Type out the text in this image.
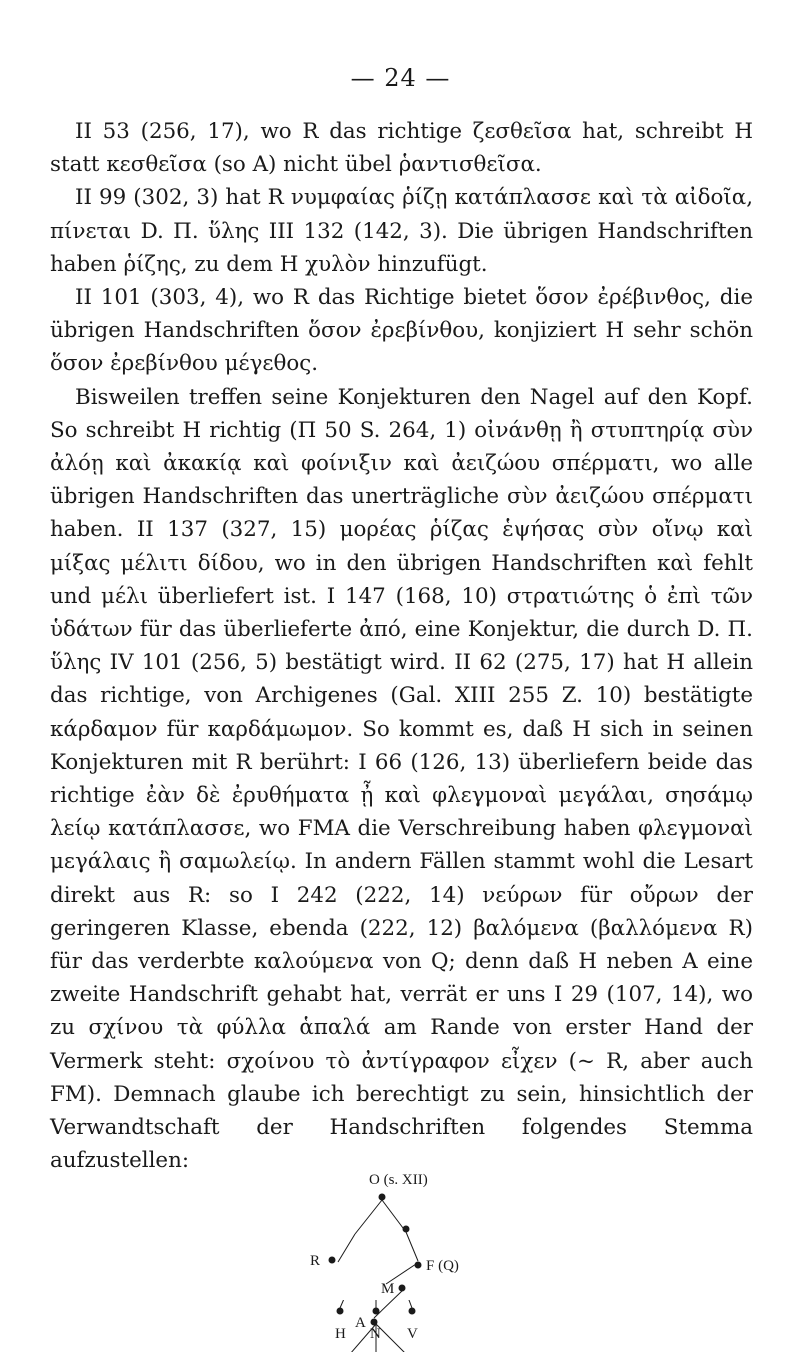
— 24 —

II 53 (256, 17), wo R das richtige ζεσθεῖσα hat, schreibt H statt κεσθεῖσα (so A) nicht übel ῥαντισθεῖσα.

II 99 (302, 3) hat R νυμφαίας ῥίζῃ κατάπλασσε καὶ τὰ αἰδοῖα, πίνεται D. Π. ὕλης III 132 (142, 3). Die übrigen Handschriften haben ῥίζης, zu dem H χυλὸν hinzufügt.

II 101 (303, 4), wo R das Richtige bietet ὅσον ἐρέβινθος, die übrigen Handschriften ὅσον ἐρεβίνθου, konjiziert H sehr schön ὅσον ἐρεβίνθου μέγεθος.

Bisweilen treffen seine Konjekturen den Nagel auf den Kopf. So schreibt H richtig (Π 50 S. 264, 1) οἰνάνθῃ ἢ στυπτηρίᾳ σὺν ἀλόῃ καὶ ἀκακίᾳ καὶ φοίνιξιν καὶ ἀειζώου σπέρματι, wo alle übrigen Handschriften das unerträgliche σὺν ἀειζώου σπέρματι haben. II 137 (327, 15) μορέας ῥίζας ἑψήσας σὺν οἴνῳ καὶ μίξας μέλιτι δίδου, wo in den übrigen Handschriften καὶ fehlt und μέλι überliefert ist. I 147 (168, 10) στρατιώτης ὁ ἐπὶ τῶν ὑδάτων für das überlieferte ἀπό, eine Konjektur, die durch D. Π. ὕλης IV 101 (256, 5) bestätigt wird. II 62 (275, 17) hat H allein das richtige, von Archigenes (Gal. XIII 255 Z. 10) bestätigte κάρδαμον für καρδάμωμον. So kommt es, daß H sich in seinen Konjekturen mit R berührt: I 66 (126, 13) überliefern beide das richtige ἐὰν δὲ ἐρυθήματα ᾖ καὶ φλεγμοναὶ μεγάλαι, σησάμῳ λείῳ κατάπλασσε, wo FMA die Verschreibung haben φλεγμοναὶ μεγάλαις ἢ σαμωλείῳ. In andern Fällen stammt wohl die Lesart direkt aus R: so I 242 (222, 14) νεύρων für οὔρων der geringeren Klasse, ebenda (222, 12) βαλόμενα (βαλλόμενα R) für das verderbte καλούμενα von Q; denn daß H neben A eine zweite Handschrift gehabt hat, verrät er uns I 29 (107, 14), wo zu σχίνου τὰ φύλλα ἁπαλά am Rande von erster Hand der Vermerk steht: σχοίνου τὸ ἀντίγραφον εἶχεν (~ R, aber auch FM). Demnach glaube ich berechtigt zu sein, hinsichtlich der Verwandtschaft der Handschriften folgendes Stemma aufzustellen:

O (s. XII)
R	F (Q)
M
A
H N V
